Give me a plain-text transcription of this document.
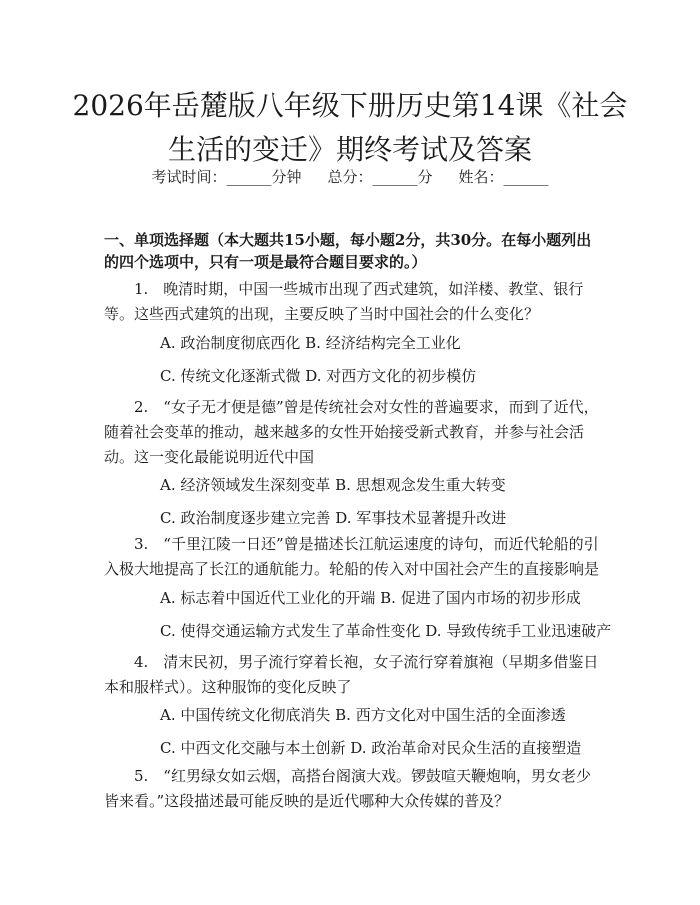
2026年岳麓版八年级下册历史第14课《社会生活的变迁》期终考试及答案
考试时间：______分钟 总分：______分 姓名：______

一、单项选择题（本大题共15小题，每小题2分，共30分。在每小题列出的四个选项中，只有一项是最符合题目要求的。）

1.　晚清时期，中国一些城市出现了西式建筑，如洋楼、教堂、银行等。这些西式建筑的出现，主要反映了当时中国社会的什么变化？

A. 政治制度彻底西化 B. 经济结构完全工业化

C. 传统文化逐渐式微 D. 对西方文化的初步模仿

2.　“女子无才便是德”曾是传统社会对女性的普遍要求，而到了近代，随着社会变革的推动，越来越多的女性开始接受新式教育，并参与社会活动。这一变化最能说明近代中国

A. 经济领域发生深刻变革 B. 思想观念发生重大转变

C. 政治制度逐步建立完善 D. 军事技术显著提升改进

3.　“千里江陵一日还”曾是描述长江航运速度的诗句，而近代轮船的引入极大地提高了长江的通航能力。轮船的传入对中国社会产生的直接影响是

A. 标志着中国近代工业化的开端 B. 促进了国内市场的初步形成

C. 使得交通运输方式发生了革命性变化 D. 导致传统手工业迅速破产

4.　清末民初，男子流行穿着长袍，女子流行穿着旗袍（早期多借鉴日本和服样式）。这种服饰的变化反映了

A. 中国传统文化彻底消失 B. 西方文化对中国生活的全面渗透

C. 中西文化交融与本土创新 D. 政治革命对民众生活的直接塑造

5.　“红男绿女如云烟，高搭台阁演大戏。锣鼓喧天鞭炮响，男女老少皆来看。”这段描述最可能反映的是近代哪种大众传媒的普及？
